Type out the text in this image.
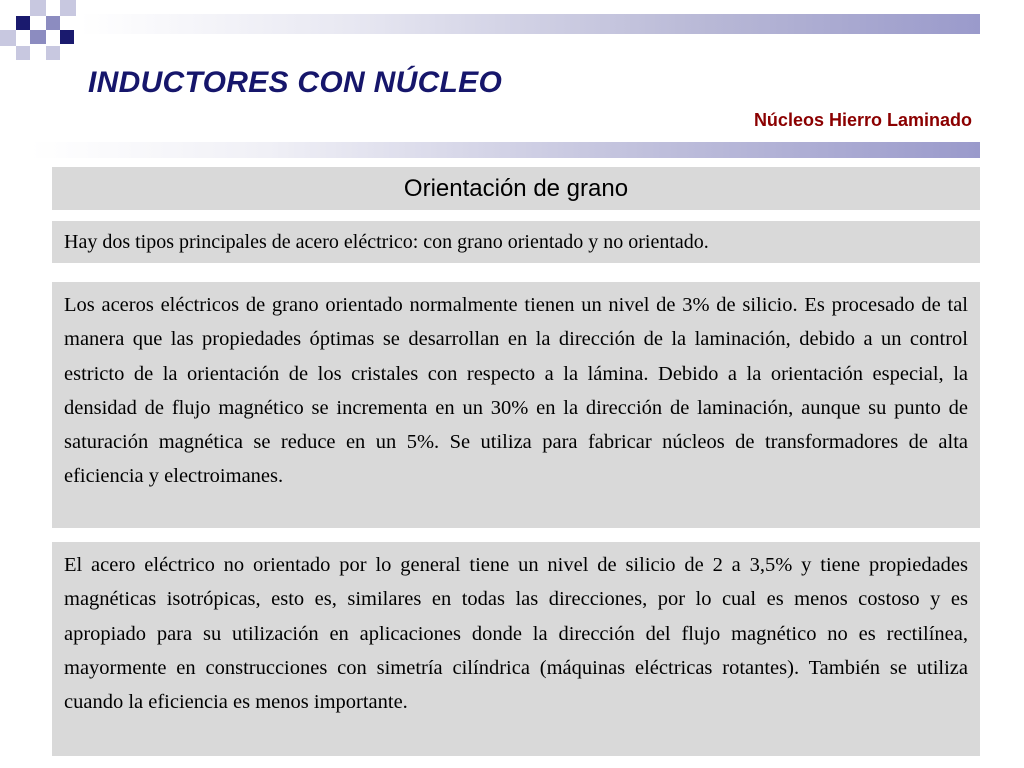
INDUCTORES CON NÚCLEO
Núcleos Hierro Laminado
Orientación de grano
Hay dos tipos principales de acero eléctrico: con grano orientado y no orientado.
Los aceros eléctricos de grano orientado normalmente tienen un nivel de 3% de silicio. Es procesado de tal manera que las propiedades óptimas se desarrollan en la dirección de la laminación, debido a un control estricto de la orientación de los cristales con respecto a la lámina. Debido a la orientación especial, la densidad de flujo magnético se incrementa en un 30% en la dirección de laminación, aunque su punto de saturación magnética se reduce en un 5%. Se utiliza para fabricar núcleos de transformadores de alta eficiencia y electroimanes.
El acero eléctrico no orientado por lo general tiene un nivel de silicio de 2 a 3,5% y tiene propiedades magnéticas isotrópicas, esto es, similares en todas las direcciones, por lo cual es menos costoso y es apropiado para su utilización en aplicaciones donde la dirección del flujo magnético no es rectilínea, mayormente en construcciones con simetría cilíndrica (máquinas eléctricas rotantes). También se utiliza cuando la eficiencia es menos importante.
